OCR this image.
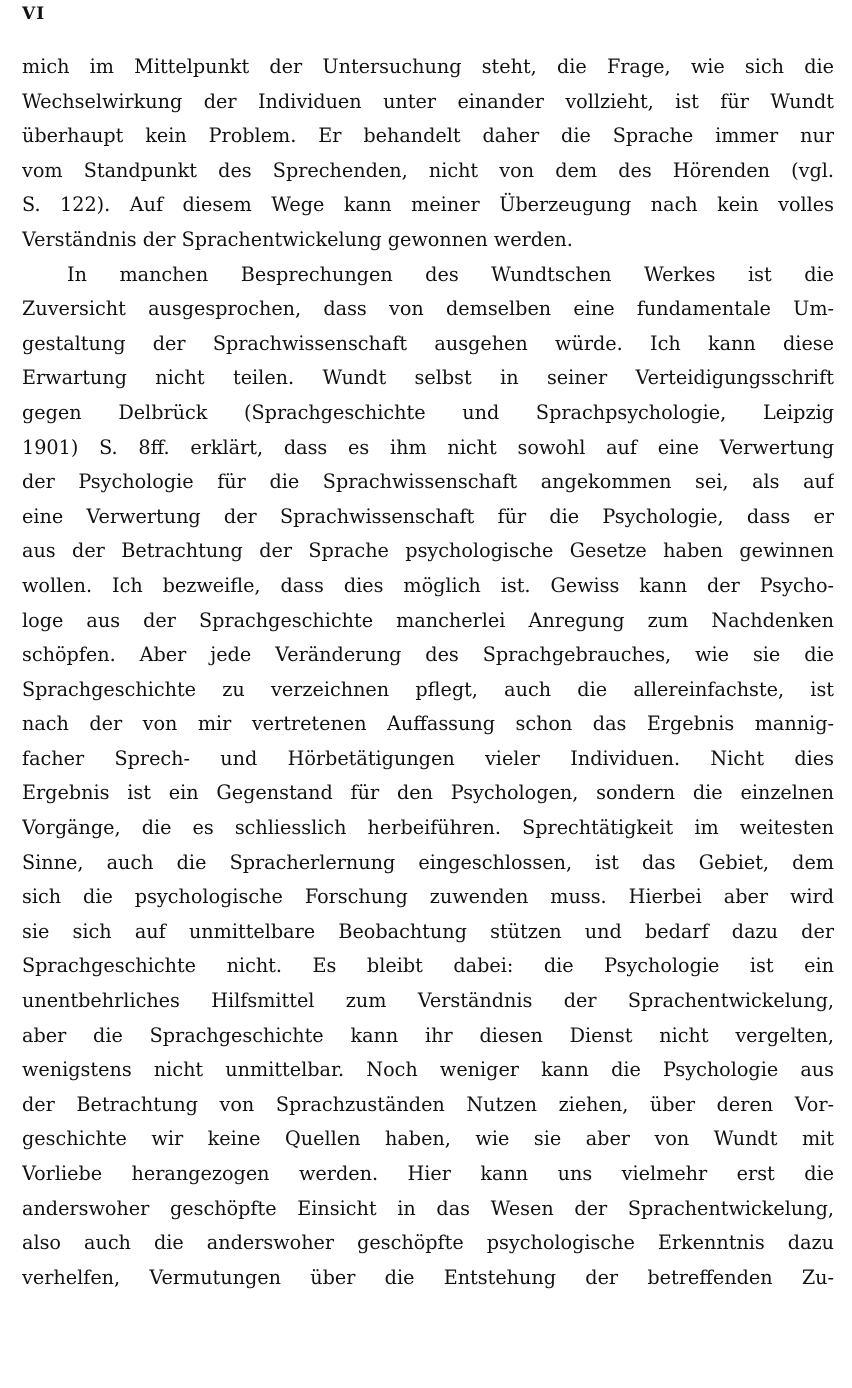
VI
mich im Mittelpunkt der Untersuchung steht, die Frage, wie sich die
Wechselwirkung der Individuen unter einander vollzieht, ist für Wundt
überhaupt kein Problem. Er behandelt daher die Sprache immer nur
vom Standpunkt des Sprechenden, nicht von dem des Hörenden (vgl.
S. 122). Auf diesem Wege kann meiner Überzeugung nach kein volles
Verständnis der Sprachentwickelung gewonnen werden.
In manchen Besprechungen des Wundtschen Werkes ist die
Zuversicht ausgesprochen, dass von demselben eine fundamentale Um-
gestaltung der Sprachwissenschaft ausgehen würde. Ich kann diese
Erwartung nicht teilen. Wundt selbst in seiner Verteidigungsschrift
gegen Delbrück (Sprachgeschichte und Sprachpsychologie, Leipzig
1901) S. 8ff. erklärt, dass es ihm nicht sowohl auf eine Verwertung
der Psychologie für die Sprachwissenschaft angekommen sei, als auf
eine Verwertung der Sprachwissenschaft für die Psychologie, dass er
aus der Betrachtung der Sprache psychologische Gesetze haben gewinnen
wollen. Ich bezweifle, dass dies möglich ist. Gewiss kann der Psycho-
loge aus der Sprachgeschichte mancherlei Anregung zum Nachdenken
schöpfen. Aber jede Veränderung des Sprachgebrauches, wie sie die
Sprachgeschichte zu verzeichnen pflegt, auch die allereinfachste, ist
nach der von mir vertretenen Auffassung schon das Ergebnis mannig-
facher Sprech- und Hörbetätigungen vieler Individuen. Nicht dies
Ergebnis ist ein Gegenstand für den Psychologen, sondern die einzelnen
Vorgänge, die es schliesslich herbeiführen. Sprechtätigkeit im weitesten
Sinne, auch die Spracherlernung eingeschlossen, ist das Gebiet, dem
sich die psychologische Forschung zuwenden muss. Hierbei aber wird
sie sich auf unmittelbare Beobachtung stützen und bedarf dazu der
Sprachgeschichte nicht. Es bleibt dabei: die Psychologie ist ein
unentbehrliches Hilfsmittel zum Verständnis der Sprachentwickelung,
aber die Sprachgeschichte kann ihr diesen Dienst nicht vergelten,
wenigstens nicht unmittelbar. Noch weniger kann die Psychologie aus
der Betrachtung von Sprachzuständen Nutzen ziehen, über deren Vor-
geschichte wir keine Quellen haben, wie sie aber von Wundt mit
Vorliebe herangezogen werden. Hier kann uns vielmehr erst die
anderswoher geschöpfte Einsicht in das Wesen der Sprachentwickelung,
also auch die anderswoher geschöpfte psychologische Erkenntnis dazu
verhelfen, Vermutungen über die Entstehung der betreffenden Zu-
